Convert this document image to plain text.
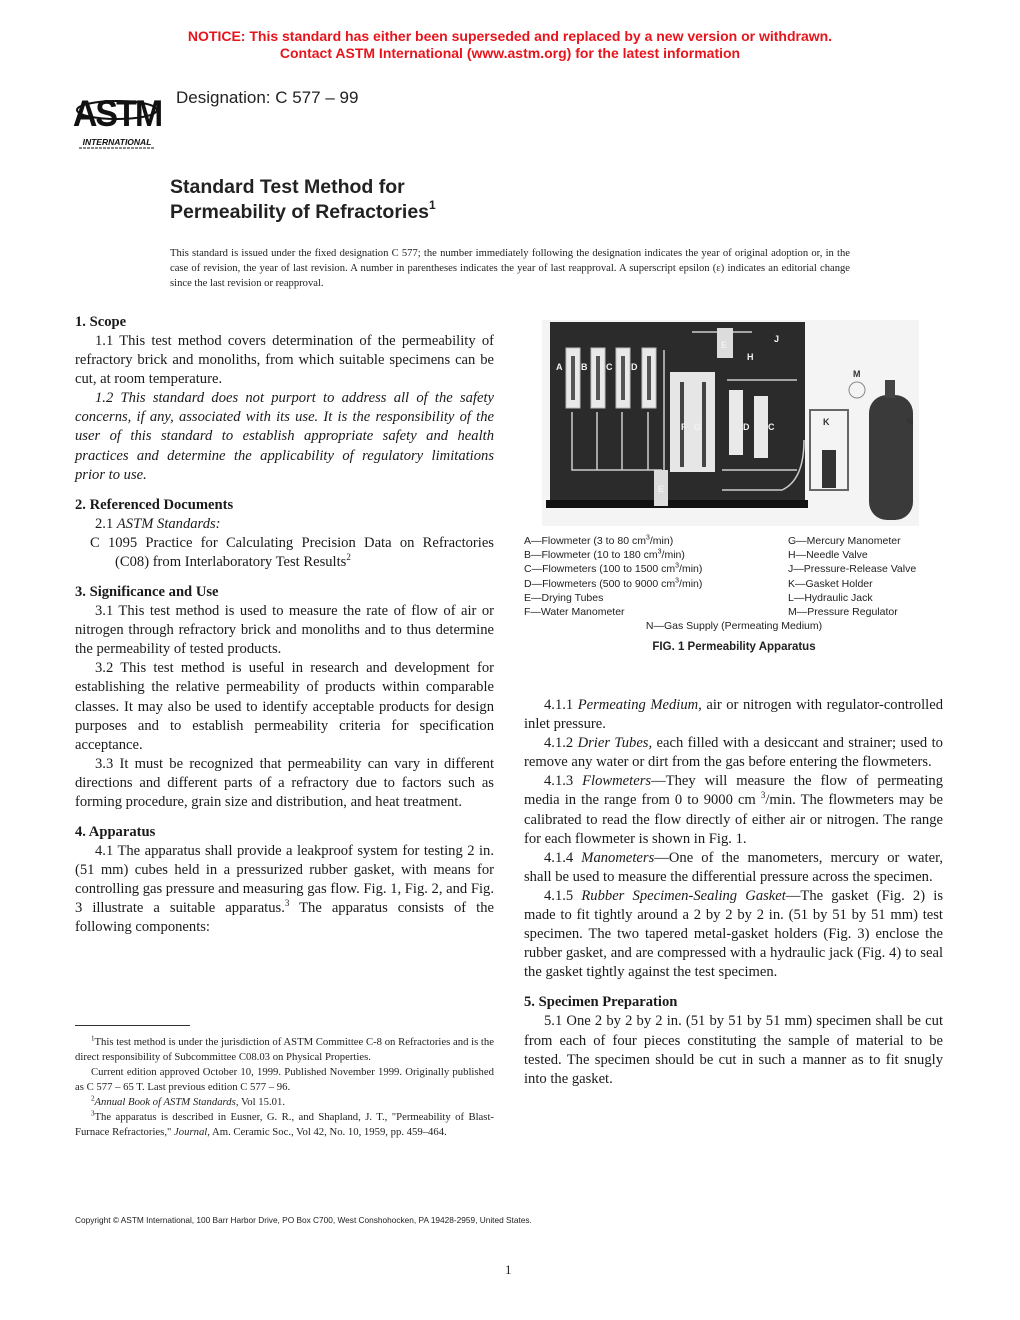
NOTICE: This standard has either been superseded and replaced by a new version or withdrawn.
Contact ASTM International (www.astm.org) for the latest information
ASTM
INTERNATIONAL
Designation: C 577 – 99
Standard Test Method for
Permeability of Refractories$^1$
This standard is issued under the fixed designation C 577; the number immediately following the designation indicates the year of original adoption or, in the case of revision, the year of last revision. A number in parentheses indicates the year of last reapproval. A superscript epsilon (ε) indicates an editorial change since the last revision or reapproval.
1. Scope

1.1 This test method covers determination of the permeability of refractory brick and monoliths, from which suitable specimens can be cut, at room temperature.

1.2 This standard does not purport to address all of the safety concerns, if any, associated with its use. It is the responsibility of the user of this standard to establish appropriate safety and health practices and determine the applicability of regulatory limitations prior to use.

2. Referenced Documents

2.1 ASTM Standards:

C 1095 Practice for Calculating Precision Data on Refractories (C08) from Interlaboratory Test Results$^2$

3. Significance and Use

3.1 This test method is used to measure the rate of flow of air or nitrogen through refractory brick and monoliths and to thus determine the permeability of tested products.

3.2 This test method is useful in research and development for establishing the relative permeability of products within comparable classes. It may also be used to identify acceptable products for design purposes and to establish permeability criteria for specification acceptance.

3.3 It must be recognized that permeability can vary in different directions and different parts of a refractory due to factors such as forming procedure, grain size and distribution, and heat treatment.

4. Apparatus

4.1 The apparatus shall provide a leakproof system for testing 2 in. (51 mm) cubes held in a pressurized rubber gasket, with means for controlling gas pressure and measuring gas flow. Fig. 1, Fig. 2, and Fig. 3 illustrate a suitable apparatus.$^3$ The apparatus consists of the following components:

$^1$This test method is under the jurisdiction of ASTM Committee C-8 on Refractories and is the direct responsibility of Subcommittee C08.03 on Physical Properties.

Current edition approved October 10, 1999. Published November 1999. Originally published as C 577 – 65 T. Last previous edition C 577 – 96.

$^2$Annual Book of ASTM Standards, Vol 15.01.

$^3$The apparatus is described in Eusner, G. R., and Shapland, J. T., "Permeability of Blast-Furnace Refractories," Journal, Am. Ceramic Soc., Vol 42, No. 10, 1959, pp. 459–464.

A B C D
F G
E
E
D C
H
J
K
M
N
A—Flowmeter (3 to 80 $cm^3/\min$)
B—Flowmeter (10 to 180 $cm^3/\min$)
C—Flowmeters (100 to 1500 $cm^3/\min$)
D—Flowmeters (500 to 9000 $cm^3/\min$)
E—Drying Tubes
F—Water Manometer
G—Mercury Manometer
H—Needle Valve
J—Pressure-Release Valve
K—Gasket Holder
L—Hydraulic Jack
M—Pressure Regulator
N—Gas Supply (Permeating Medium)
FIG. 1 Permeability Apparatus

4.1.1 Permeating Medium, air or nitrogen with regulator-controlled inlet pressure.

4.1.2 Drier Tubes, each filled with a desiccant and strainer; used to remove any water or dirt from the gas before entering the flowmeters.

4.1.3 Flowmeters—They will measure the flow of permeating media in the range from 0 to 9000 cm $^3$/min. The flowmeters may be calibrated to read the flow directly of either air or nitrogen. The range for each flowmeter is shown in Fig. 1.

4.1.4 Manometers—One of the manometers, mercury or water, shall be used to measure the differential pressure across the specimen.

4.1.5 Rubber Specimen-Sealing Gasket—The gasket (Fig. 2) is made to fit tightly around a 2 by 2 by 2 in. (51 by 51 by 51 mm) test specimen. The two tapered metal-gasket holders (Fig. 3) enclose the rubber gasket, and are compressed with a hydraulic jack (Fig. 4) to seal the gasket tightly against the test specimen.

5. Specimen Preparation

5.1 One 2 by 2 by 2 in. (51 by 51 by 51 mm) specimen shall be cut from each of four pieces constituting the sample of material to be tested. The specimen should be cut in such a manner as to fit snugly into the gasket.

Copyright © ASTM International, 100 Barr Harbor Drive, PO Box C700, West Conshohocken, PA 19428-2959, United States.
1
